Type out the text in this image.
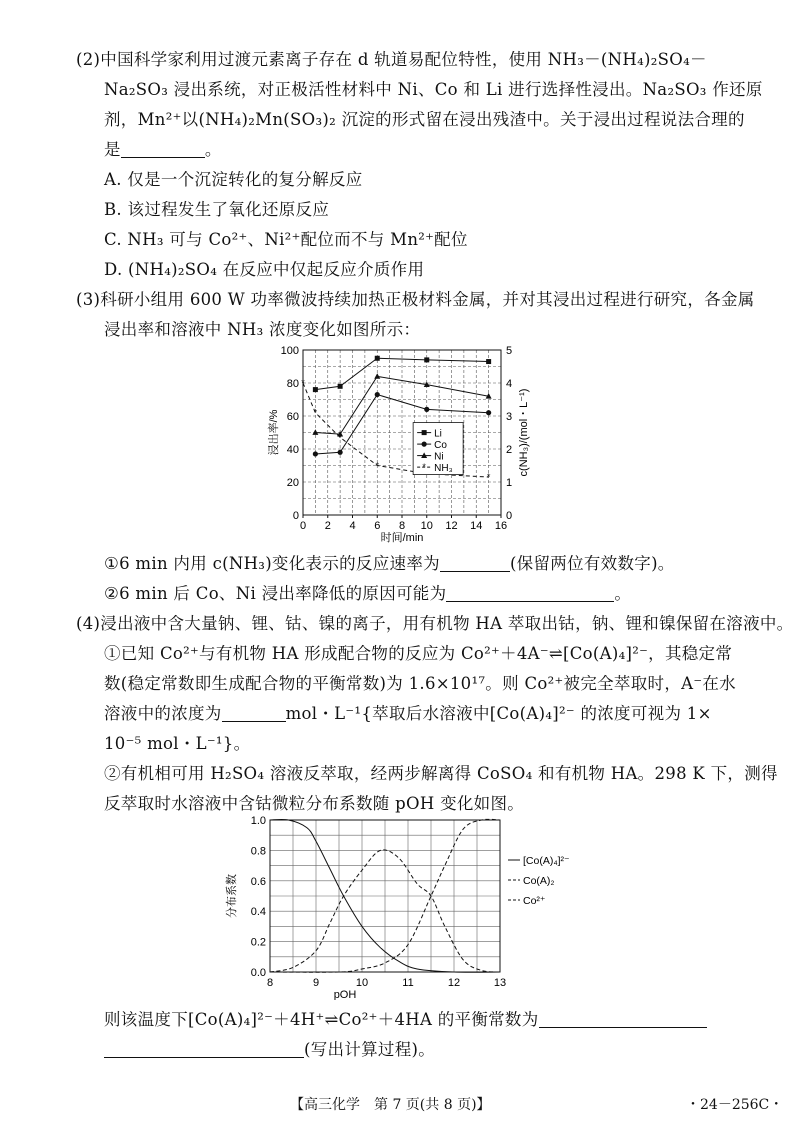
(2)中国科学家利用过渡元素离子存在 d 轨道易配位特性，使用 NH₃－(NH₄)₂SO₄－
Na₂SO₃ 浸出系统，对正极活性材料中 Ni、Co 和 Li 进行选择性浸出。Na₂SO₃ 作还原
剂，Mn²⁺以(NH₄)₂Mn(SO₃)₂ 沉淀的形式留在浸出残渣中。关于浸出过程说法合理的
是	。
A. 仅是一个沉淀转化的复分解反应
B. 该过程发生了氧化还原反应
C. NH₃ 可与 Co²⁺、Ni²⁺配位而不与 Mn²⁺配位
D. (NH₄)₂SO₄ 在反应中仅起反应介质作用
(3)科研小组用 600 W 功率微波持续加热正极材料金属，并对其浸出过程进行研究，各金属
浸出率和溶液中 NH₃ 浓度变化如图所示：
0 2 4 6 8 10 12 14 16
0
20
40
60
80
100
0
1
2
3
4
5
时间/min
浸出率/%	c(NH₃)/(mol・L⁻¹)
*
*
*
*
*
Li
Co
Ni
* NH₃
①6 min 内用 c(NH₃)变化表示的反应速率为	(保留两位有效数字)。
②6 min 后 Co、Ni 浸出率降低的原因可能为	。
(4)浸出液中含大量钠、锂、钴、镍的离子，用有机物 HA 萃取出钴，钠、锂和镍保留在溶液中。
①已知 Co²⁺与有机物 HA 形成配合物的反应为 Co²⁺＋4A⁻⇌[Co(A)₄]²⁻，其稳定常
数(稳定常数即生成配合物的平衡常数)为 1.6×10¹⁷。则 Co²⁺被完全萃取时，A⁻在水
溶液中的浓度为	mol・L⁻¹{萃取后水溶液中[Co(A)₄]²⁻ 的浓度可视为 1×
10⁻⁵ mol・L⁻¹}。
②有机相可用 H₂SO₄ 溶液反萃取，经两步解离得 CoSO₄ 和有机物 HA。298 K 下，测得
反萃取时水溶液中含钴微粒分布系数随 pOH 变化如图。
8	9	10	11	12	13
0.0
0.2
0.4
0.6
0.8
1.0
pOH
分布系数
[Co(A)₄]²⁻
Co(A)₂
Co²⁺
则该温度下[Co(A)₄]²⁻＋4H⁺⇌Co²⁺＋4HA 的平衡常数为
(写出计算过程)。
【高三化学　第 7 页(共 8 页)】	・24－256C・
